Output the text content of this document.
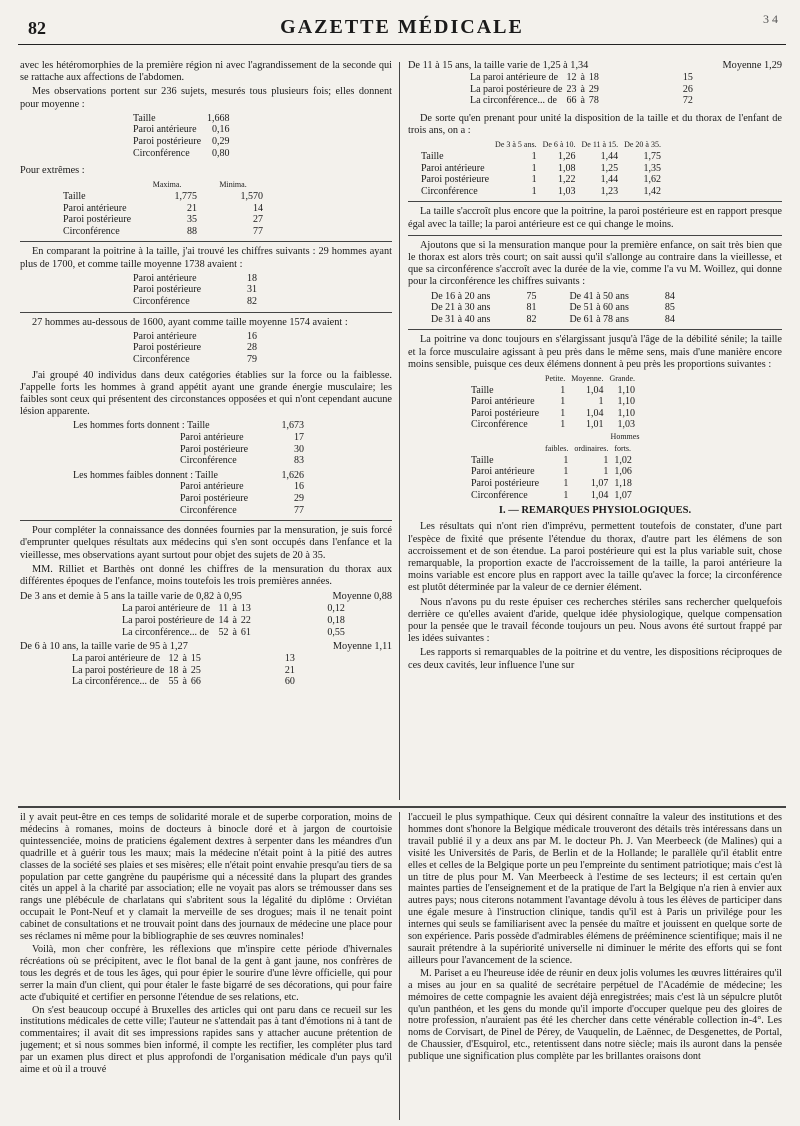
82	GAZETTE MÉDICALE	3 4

avec les hétéromorphies de la première région ni avec l'agrandissement de la seconde qui se rattache aux affections de l'abdomen.

Mes observations portent sur 236 sujets, mesurés tous plusieurs fois; elles donnent pour moyenne :

Taille	1,668
Paroi antérieure	0,16
Paroi postérieure	0,29
Circonférence	0,80

Pour extrêmes :

	Maxima.	Minima.
Taille	1,775	1,570
Paroi antérieure	21	14
Paroi postérieure	35	27
Circonférence	88	77

En comparant la poitrine à la taille, j'ai trouvé les chiffres suivants : 29 hommes ayant plus de 1700, et comme taille moyenne 1738 avaient :

Paroi antérieure	18
Paroi postérieure	31
Circonférence	82

27 hommes au-dessous de 1600, ayant comme taille moyenne 1574 avaient :

Paroi antérieure	16
Paroi postérieure	28
Circonférence	79

J'ai groupé 40 individus dans deux catégories établies sur la force ou la faiblesse. J'appelle forts les hommes à grand appétit ayant une grande énergie musculaire; les faibles sont ceux qui présentent des circonstances opposées et qui n'ont cependant aucune lésion apparente.

Les hommes forts donnent : Taille	1,673
Paroi antérieure	17
Paroi postérieure	30
Circonférence	83
Les hommes faibles donnent : Taille	1,626
Paroi antérieure	16
Paroi postérieure	29
Circonférence	77

Pour compléter la connaissance des données fournies par la mensuration, je suis forcé d'emprunter quelques résultats aux médecins qui s'en sont occupés dans l'enfance et la vieillesse, mes observations ayant surtout pour objet des sujets de 20 à 35.

MM. Rilliet et Barthès ont donné les chiffres de la mensuration du thorax aux différentes époques de l'enfance, moins toutefois les trois premières années.

De 3 ans et demie à 5 ans la taille varie de 0,82 à 0,95	Moyenne 0,88
La paroi antérieure de	11	à	13	0,12
La paroi postérieure de	14	à	22	0,18
La circonférence... de	52	à	61	0,55
De 6 à 10 ans, la taille varie de 95 à 1,27	Moyenne 1,11
La paroi antérieure de	12	à	15	13
La paroi postérieure de	18	à	25	21
La circonférence... de	55	à	66	60
De 11 à 15 ans, la taille varie de 1,25 à 1,34	Moyenne 1,29
La paroi antérieure de	12	à	18	15
La paroi postérieure de	23	à	29	26
La circonférence... de	66	à	78	72

De sorte qu'en prenant pour unité la disposition de la taille et du thorax de l'enfant de trois ans, on a :

	De 3 à 5 ans.	De 6 à 10.	De 11 à 15.	De 20 à 35.
Taille	1	1,26	1,44	1,75
Paroi antérieure	1	1,08	1,25	1,35
Paroi postérieure	1	1,22	1,44	1,62
Circonférence	1	1,03	1,23	1,42

La taille s'accroît plus encore que la poitrine, la paroi postérieure est en rapport presque égal avec la taille; la paroi antérieure est ce qui change le moins.

Ajoutons que si la mensuration manque pour la première enfance, on sait très bien que le thorax est alors très court; on sait aussi qu'il s'allonge au contraire dans la vieillesse, et que sa circonférence s'accroît avec la durée de la vie, comme l'a vu M. Woillez, qui donne pour la circonférence les chiffres suivants :

De 16 à 20 ans	75	De 41 à 50 ans	84
De 21 à 30 ans	81	De 51 à 60 ans	85
De 31 à 40 ans	82	De 61 à 78 ans	84

La poitrine va donc toujours en s'élargissant jusqu'à l'âge de la débilité sénile; la taille et la force musculaire agissant à peu près dans le même sens, mais d'une manière encore moins sensible, puisque ces deux élémens donnent à peu près les proportions suivantes :

	Petite.	Moyenne.	Grande.
Taille	1	1,04	1,10
Paroi antérieure	1	1	1,10
Paroi postérieure	1	1,04	1,10
Circonférence	1	1,01	1,03
Hommes
	faibles.	ordinaires.	forts.
Taille	1	1	1,02
Paroi antérieure	1	1	1,06
Paroi postérieure	1	1,07	1,18
Circonférence	1	1,04	1,07
I. — REMARQUES PHYSIOLOGIQUES.

Les résultats qui n'ont rien d'imprévu, permettent toutefois de constater, d'une part l'espèce de fixité que présente l'étendue du thorax, d'autre part les élémens de son accroissement et de son étendue. La paroi postérieure qui est la plus variable suit, chose remarquable, la proportion exacte de l'accroissement de la taille, la paroi antérieure la moins variable est encore plus en rapport avec la taille qu'avec la force; la circonférence est plutôt déterminée par la valeur de ce dernier élément.

Nous n'avons pu du reste épuiser ces recherches stériles sans rechercher quelquefois derrière ce qu'elles avaient d'aride, quelque idée physiologique, quelque compensation pour la pensée que le travail féconde toujours un peu. Nous avons été surtout frappé par les idées suivantes :

Les rapports si remarquables de la poitrine et du ventre, les dispositions réciproques de ces deux cavités, leur influence l'une sur

il y avait peut-être en ces temps de solidarité morale et de superbe corporation, moins de médecins à romanes, moins de docteurs à binocle doré et à jargon de courtoisie quintessenciée, moins de praticiens également dextres à serpenter dans les méandres d'un quadrille et à guérir tous les maux; mais la médecine n'était point à la pitié des autres classes de la société ses plaies et ses misères; elle n'était point envahie presqu'au tiers de sa population par cette gangrène du paupérisme qui a nécessité dans la plupart des grandes cités un appel à la charité par association; elle ne voyait pas alors se trémousser dans ses rangs une plébécule de charlatans qui s'abritent sous la légalité du diplôme : Orviétan occupait le Pont-Neuf et y clamait la merveille de ses drogues; mais il ne tenait point cabinet de consultations et ne trouvait point dans des journaux de médecine une place pour ses réclames ni même pour la bibliographie de ses œuvres nominales!

Voilà, mon cher confrère, les réflexions que m'inspire cette période d'hivernales récréations où se précipitent, avec le flot banal de la gent à gant jaune, nos confrères de tous les degrés et de tous les âges, qui pour épier le sourire d'une lèvre officielle, qui pour serrer la main d'un client, qui pour étaler le faste bigarré de ses décorations, qui pour faire acte d'ubiquité et certifier en personne l'étendue de ses relations, etc.

On s'est beaucoup occupé à Bruxelles des articles qui ont paru dans ce recueil sur les institutions médicales de cette ville; l'auteur ne s'attendait pas à tant d'émotions ni à tant de commentaires; il avait dit ses impressions rapides sans y attacher aucune prétention de jugement; et si nous sommes bien informé, il compte les rectifier, les compléter plus tard par un examen plus direct et plus approfondi de l'organisation médicale d'un pays qu'il aime et où il a trouvé

l'accueil le plus sympathique. Ceux qui désirent connaître la valeur des institutions et des hommes dont s'honore la Belgique médicale trouveront des détails très intéressans dans un travail publié il y a deux ans par M. le docteur Ph. J. Van Meerbeeck (de Malines) qui a visité les Universités de Paris, de Berlin et de la Hollande; le parallèle qu'il établit entre elles et celles de la Belgique porte un peu l'empreinte du sentiment patriotique; mais c'est là un titre de plus pour M. Van Meerbeeck à l'estime de ses lecteurs; il est certain qu'en maintes parties de l'enseignement et de la pratique de l'art la Belgique n'a rien à envier aux autres pays; nous citerons notamment l'avantage dévolu à tous les élèves de participer dans une égale mesure à l'instruction clinique, tandis qu'il est à Paris un privilége pour les internes qui seuls se familiarisent avec la pensée du maître et jouissent en quelque sorte de son expérience. Paris possède d'admirables élémens de prééminence scientifique; mais il ne saurait prétendre à la supériorité universelle ni diminuer le mérite des efforts qui se font ailleurs pour l'avancement de la science.

M. Pariset a eu l'heureuse idée de réunir en deux jolis volumes les œuvres littéraires qu'il a mises au jour en sa qualité de secrétaire perpétuel de l'Académie de médecine; les mémoires de cette compagnie les avaient déjà enregistrées; mais c'est là un sépulcre plutôt qu'un panthéon, et les gens du monde qu'il importe d'occuper quelque peu des gloires de notre profession, n'auraient pas été les chercher dans cette vénérable collection in-4°. Les noms de Corvisart, de Pinel de Pérey, de Vauquelin, de Laënnec, de Desgenettes, de Portal, de Chaussier, d'Esquirol, etc., retentissent dans notre siècle; mais ils auront dans la pensée publique une signification plus complète par les brillantes oraisons dont
